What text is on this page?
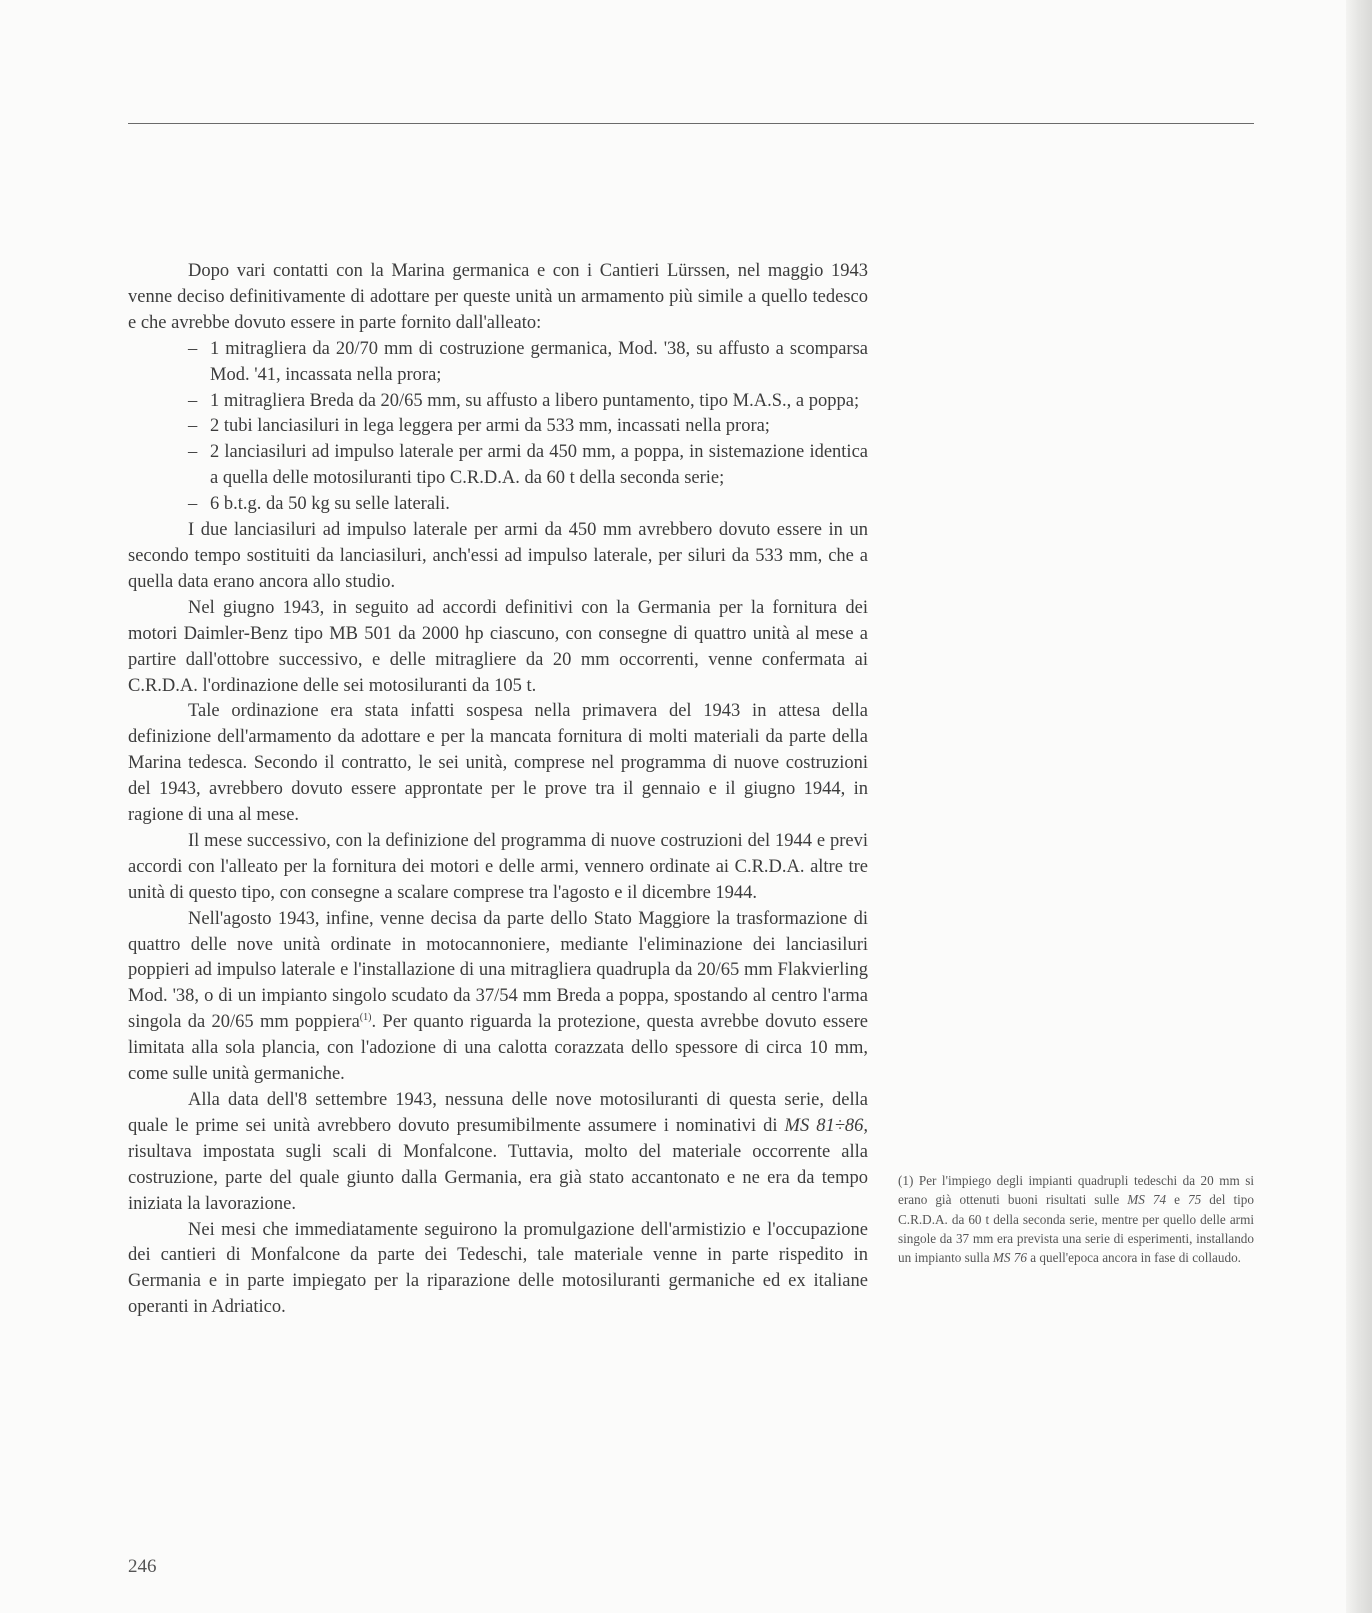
Dopo vari contatti con la Marina germanica e con i Cantieri Lürssen, nel maggio 1943 venne deciso definitivamente di adottare per queste unità un armamento più simile a quello tedesco e che avrebbe dovuto essere in parte fornito dall'alleato:

– 1 mitragliera da 20/70 mm di costruzione germanica, Mod. '38, su affusto a scomparsa Mod. '41, incassata nella prora;
– 1 mitragliera Breda da 20/65 mm, su affusto a libero puntamento, tipo M.A.S., a poppa;
– 2 tubi lanciasiluri in lega leggera per armi da 533 mm, incassati nella prora;
– 2 lanciasiluri ad impulso laterale per armi da 450 mm, a poppa, in sistemazione identica a quella delle motosiluranti tipo C.R.D.A. da 60 t della seconda serie;
– 6 b.t.g. da 50 kg su selle laterali.

I due lanciasiluri ad impulso laterale per armi da 450 mm avrebbero dovuto essere in un secondo tempo sostituiti da lanciasiluri, anch'essi ad impulso laterale, per siluri da 533 mm, che a quella data erano ancora allo studio.

Nel giugno 1943, in seguito ad accordi definitivi con la Germania per la fornitura dei motori Daimler-Benz tipo MB 501 da 2000 hp ciascuno, con consegne di quattro unità al mese a partire dall'ottobre successivo, e delle mitragliere da 20 mm occorrenti, venne confermata ai C.R.D.A. l'ordinazione delle sei motosiluranti da 105 t.

Tale ordinazione era stata infatti sospesa nella primavera del 1943 in attesa della definizione dell'armamento da adottare e per la mancata fornitura di molti materiali da parte della Marina tedesca. Secondo il contratto, le sei unità, comprese nel programma di nuove costruzioni del 1943, avrebbero dovuto essere approntate per le prove tra il gennaio e il giugno 1944, in ragione di una al mese.

Il mese successivo, con la definizione del programma di nuove costruzioni del 1944 e previ accordi con l'alleato per la fornitura dei motori e delle armi, vennero ordinate ai C.R.D.A. altre tre unità di questo tipo, con consegne a scalare comprese tra l'agosto e il dicembre 1944.

Nell'agosto 1943, infine, venne decisa da parte dello Stato Maggiore la trasformazione di quattro delle nove unità ordinate in motocannoniere, mediante l'eliminazione dei lanciasiluri poppieri ad impulso laterale e l'installazione di una mitragliera quadrupla da 20/65 mm Flakvierling Mod. '38, o di un impianto singolo scudato da 37/54 mm Breda a poppa, spostando al centro l'arma singola da 20/65 mm poppiera$^{(1)}$. Per quanto riguarda la protezione, questa avrebbe dovuto essere limitata alla sola plancia, con l'adozione di una calotta corazzata dello spessore di circa 10 mm, come sulle unità germaniche.

Alla data dell'8 settembre 1943, nessuna delle nove motosiluranti di questa serie, della quale le prime sei unità avrebbero dovuto presumibilmente assumere i nominativi di MS 81÷86, risultava impostata sugli scali di Monfalcone. Tuttavia, molto del materiale occorrente alla costruzione, parte del quale giunto dalla Germania, era già stato accantonato e ne era da tempo iniziata la lavorazione.

Nei mesi che immediatamente seguirono la promulgazione dell'armistizio e l'occupazione dei cantieri di Monfalcone da parte dei Tedeschi, tale materiale venne in parte rispedito in Germania e in parte impiegato per la riparazione delle motosiluranti germaniche ed ex italiane operanti in Adriatico.

(1) Per l'impiego degli impianti quadrupli tedeschi da 20 mm si erano già ottenuti buoni risultati sulle MS 74 e 75 del tipo C.R.D.A. da 60 t della seconda serie, mentre per quello delle armi singole da 37 mm era prevista una serie di esperimenti, installando un impianto sulla MS 76 a quell'epoca ancora in fase di collaudo.

246
